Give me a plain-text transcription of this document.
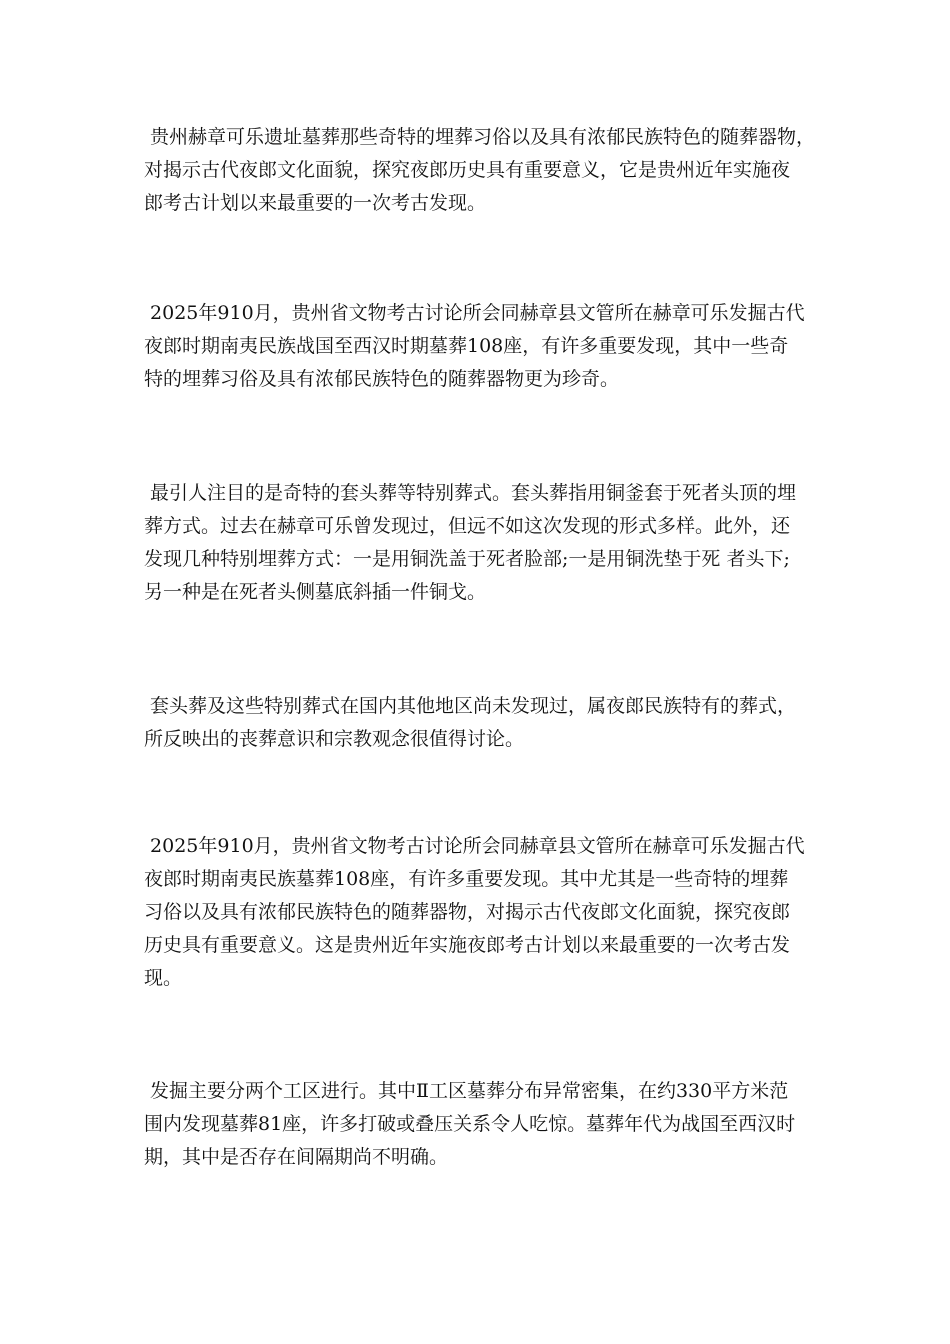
贵州赫章可乐遗址墓葬那些奇特的埋葬习俗以及具有浓郁民族特色的随葬器物，
对揭示古代夜郎文化面貌，探究夜郎历史具有重要意义，它是贵州近年实施夜
郎考古计划以来最重要的一次考古发现。
2025年910月，贵州省文物考古讨论所会同赫章县文管所在赫章可乐发掘古代
夜郎时期南夷民族战国至西汉时期墓葬108座，有许多重要发现，其中一些奇
特的埋葬习俗及具有浓郁民族特色的随葬器物更为珍奇。
最引人注目的是奇特的套头葬等特别葬式。套头葬指用铜釜套于死者头顶的埋
葬方式。过去在赫章可乐曾发现过，但远不如这次发现的形式多样。此外，还
发现几种特别埋葬方式：一是用铜洗盖于死者脸部;一是用铜洗垫于死 者头下;
另一种是在死者头侧墓底斜插一件铜戈。
套头葬及这些特别葬式在国内其他地区尚未发现过，属夜郎民族特有的葬式，
所反映出的丧葬意识和宗教观念很值得讨论。
2025年910月，贵州省文物考古讨论所会同赫章县文管所在赫章可乐发掘古代
夜郎时期南夷民族墓葬108座，有许多重要发现。其中尤其是一些奇特的埋葬
习俗以及具有浓郁民族特色的随葬器物，对揭示古代夜郎文化面貌，探究夜郎
历史具有重要意义。这是贵州近年实施夜郎考古计划以来最重要的一次考古发
现。
发掘主要分两个工区进行。其中Ⅱ工区墓葬分布异常密集，在约330平方米范
围内发现墓葬81座，许多打破或叠压关系令人吃惊。墓葬年代为战国至西汉时
期，其中是否存在间隔期尚不明确。
